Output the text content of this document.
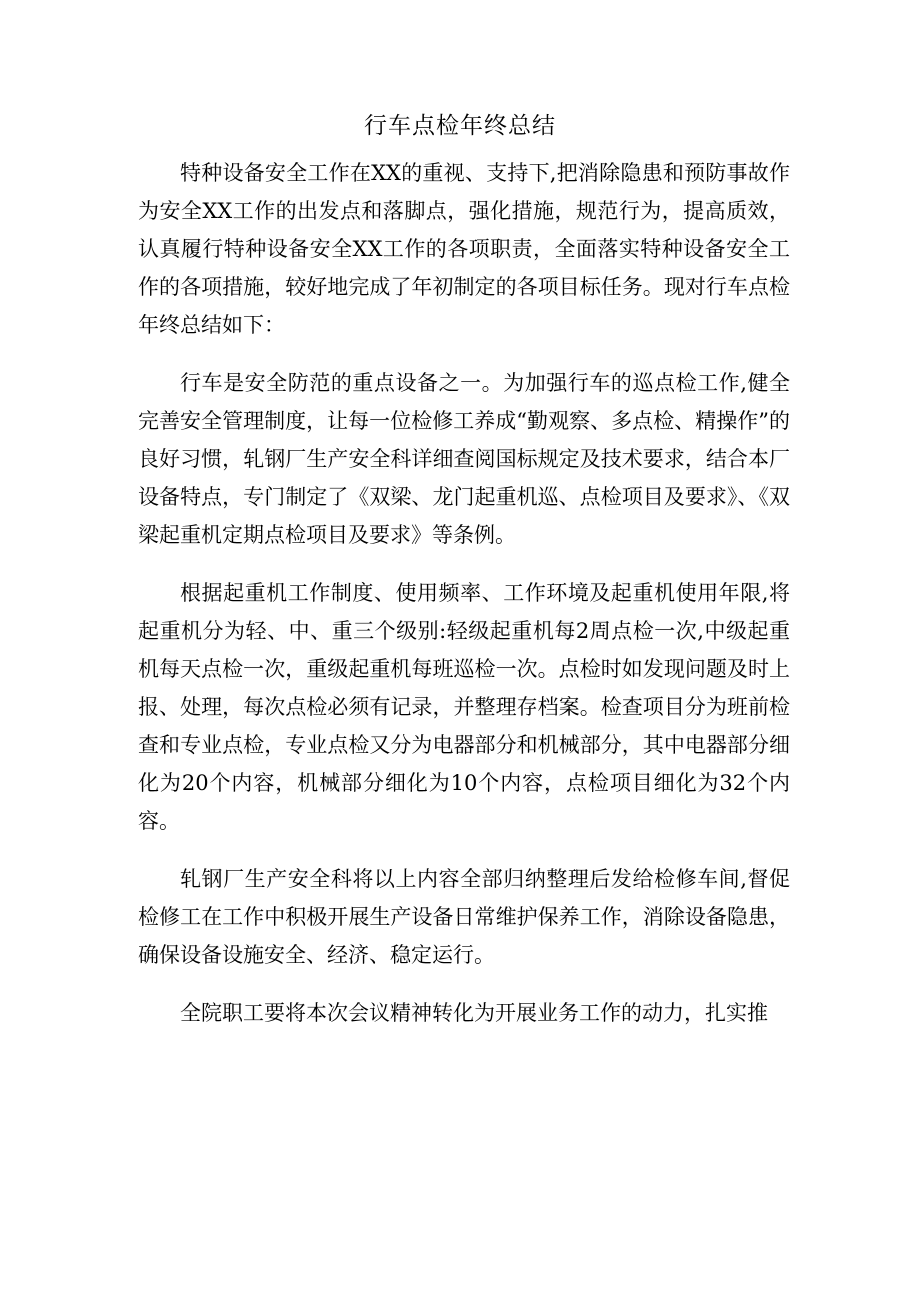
行车点检年终总结

特种设备安全工作在XX的重视、支持下,把消除隐患和预防事故作为安全XX工作的出发点和落脚点，强化措施，规范行为，提高质效，认真履行特种设备安全XX工作的各项职责，全面落实特种设备安全工作的各项措施，较好地完成了年初制定的各项目标任务。现对行车点检年终总结如下：

行车是安全防范的重点设备之一。为加强行车的巡点检工作,健全完善安全管理制度，让每一位检修工养成“勤观察、多点检、精操作”的良好习惯，轧钢厂生产安全科详细查阅国标规定及技术要求，结合本厂设备特点，专门制定了《双梁、龙门起重机巡、点检项目及要求》、《双梁起重机定期点检项目及要求》等条例。

根据起重机工作制度、使用频率、工作环境及起重机使用年限,将起重机分为轻、中、重三个级别:轻级起重机每2周点检一次,中级起重机每天点检一次，重级起重机每班巡检一次。点检时如发现问题及时上报、处理，每次点检必须有记录，并整理存档案。检查项目分为班前检查和专业点检，专业点检又分为电器部分和机械部分，其中电器部分细化为20个内容，机械部分细化为10个内容，点检项目细化为32个内容。

轧钢厂生产安全科将以上内容全部归纳整理后发给检修车间,督促检修工在工作中积极开展生产设备日常维护保养工作，消除设备隐患，确保设备设施安全、经济、稳定运行。

全院职工要将本次会议精神转化为开展业务工作的动力，扎实推
